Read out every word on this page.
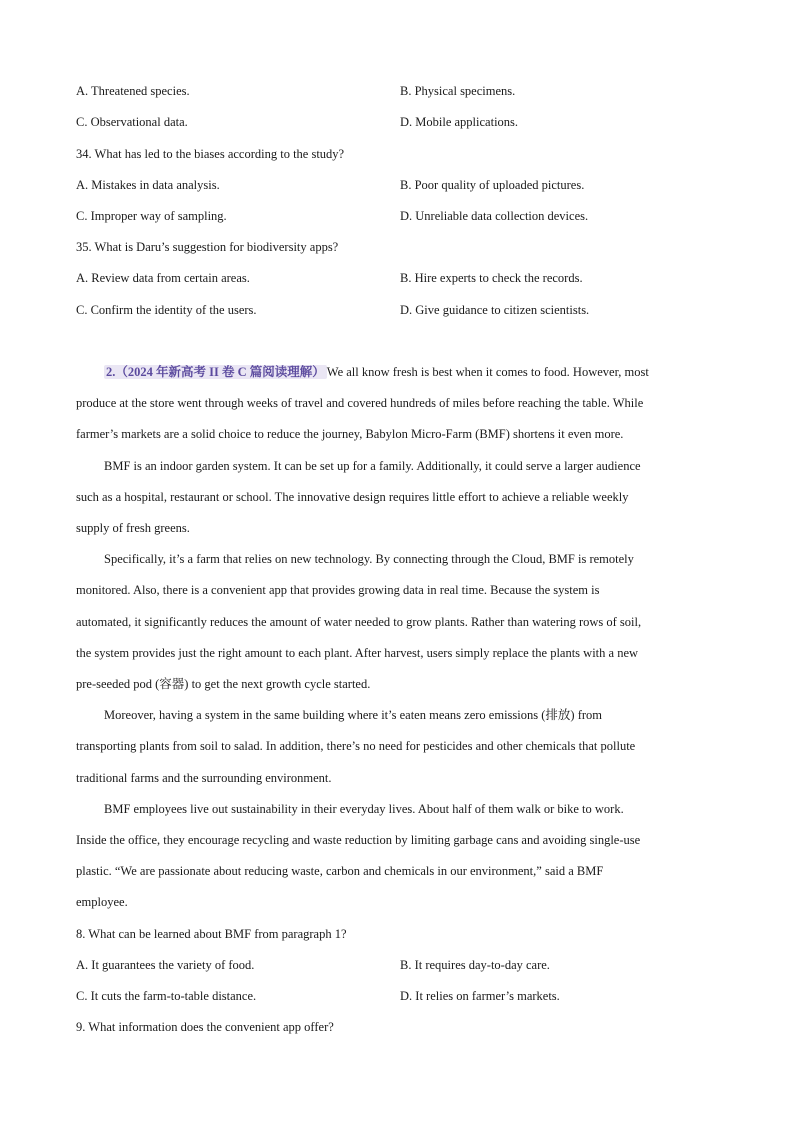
A. Threatened species.	B. Physical specimens.
C. Observational data.	D. Mobile applications.
34. What has led to the biases according to the study?
A. Mistakes in data analysis.	B. Poor quality of uploaded pictures.
C. Improper way of sampling.	D. Unreliable data collection devices.
35. What is Daru’s suggestion for biodiversity apps?
A. Review data from certain areas.	B. Hire experts to check the records.
C. Confirm the identity of the users.	D. Give guidance to citizen scientists.
2.（2024 年新高考 II 卷 C 篇阅读理解） We all know fresh is best when it comes to food. However, most
produce at the store went through weeks of travel and covered hundreds of miles before reaching the table. While
farmer’s markets are a solid choice to reduce the journey, Babylon Micro-Farm (BMF) shortens it even more.
BMF is an indoor garden system. It can be set up for a family. Additionally, it could serve a larger audience
such as a hospital, restaurant or school. The innovative design requires little effort to achieve a reliable weekly
supply of fresh greens.
Specifically, it’s a farm that relies on new technology. By connecting through the Cloud, BMF is remotely
monitored. Also, there is a convenient app that provides growing data in real time. Because the system is
automated, it significantly reduces the amount of water needed to grow plants. Rather than watering rows of soil,
the system provides just the right amount to each plant. After harvest, users simply replace the plants with a new
pre-seeded pod (容器) to get the next growth cycle started.
Moreover, having a system in the same building where it’s eaten means zero emissions (排放) from
transporting plants from soil to salad. In addition, there’s no need for pesticides and other chemicals that pollute
traditional farms and the surrounding environment.
BMF employees live out sustainability in their everyday lives. About half of them walk or bike to work.
Inside the office, they encourage recycling and waste reduction by limiting garbage cans and avoiding single-use
plastic. “We are passionate about reducing waste, carbon and chemicals in our environment,” said a BMF
employee.
8. What can be learned about BMF from paragraph 1?
A. It guarantees the variety of food.	B. It requires day-to-day care.
C. It cuts the farm-to-table distance.	D. It relies on farmer’s markets.
9. What information does the convenient app offer?
